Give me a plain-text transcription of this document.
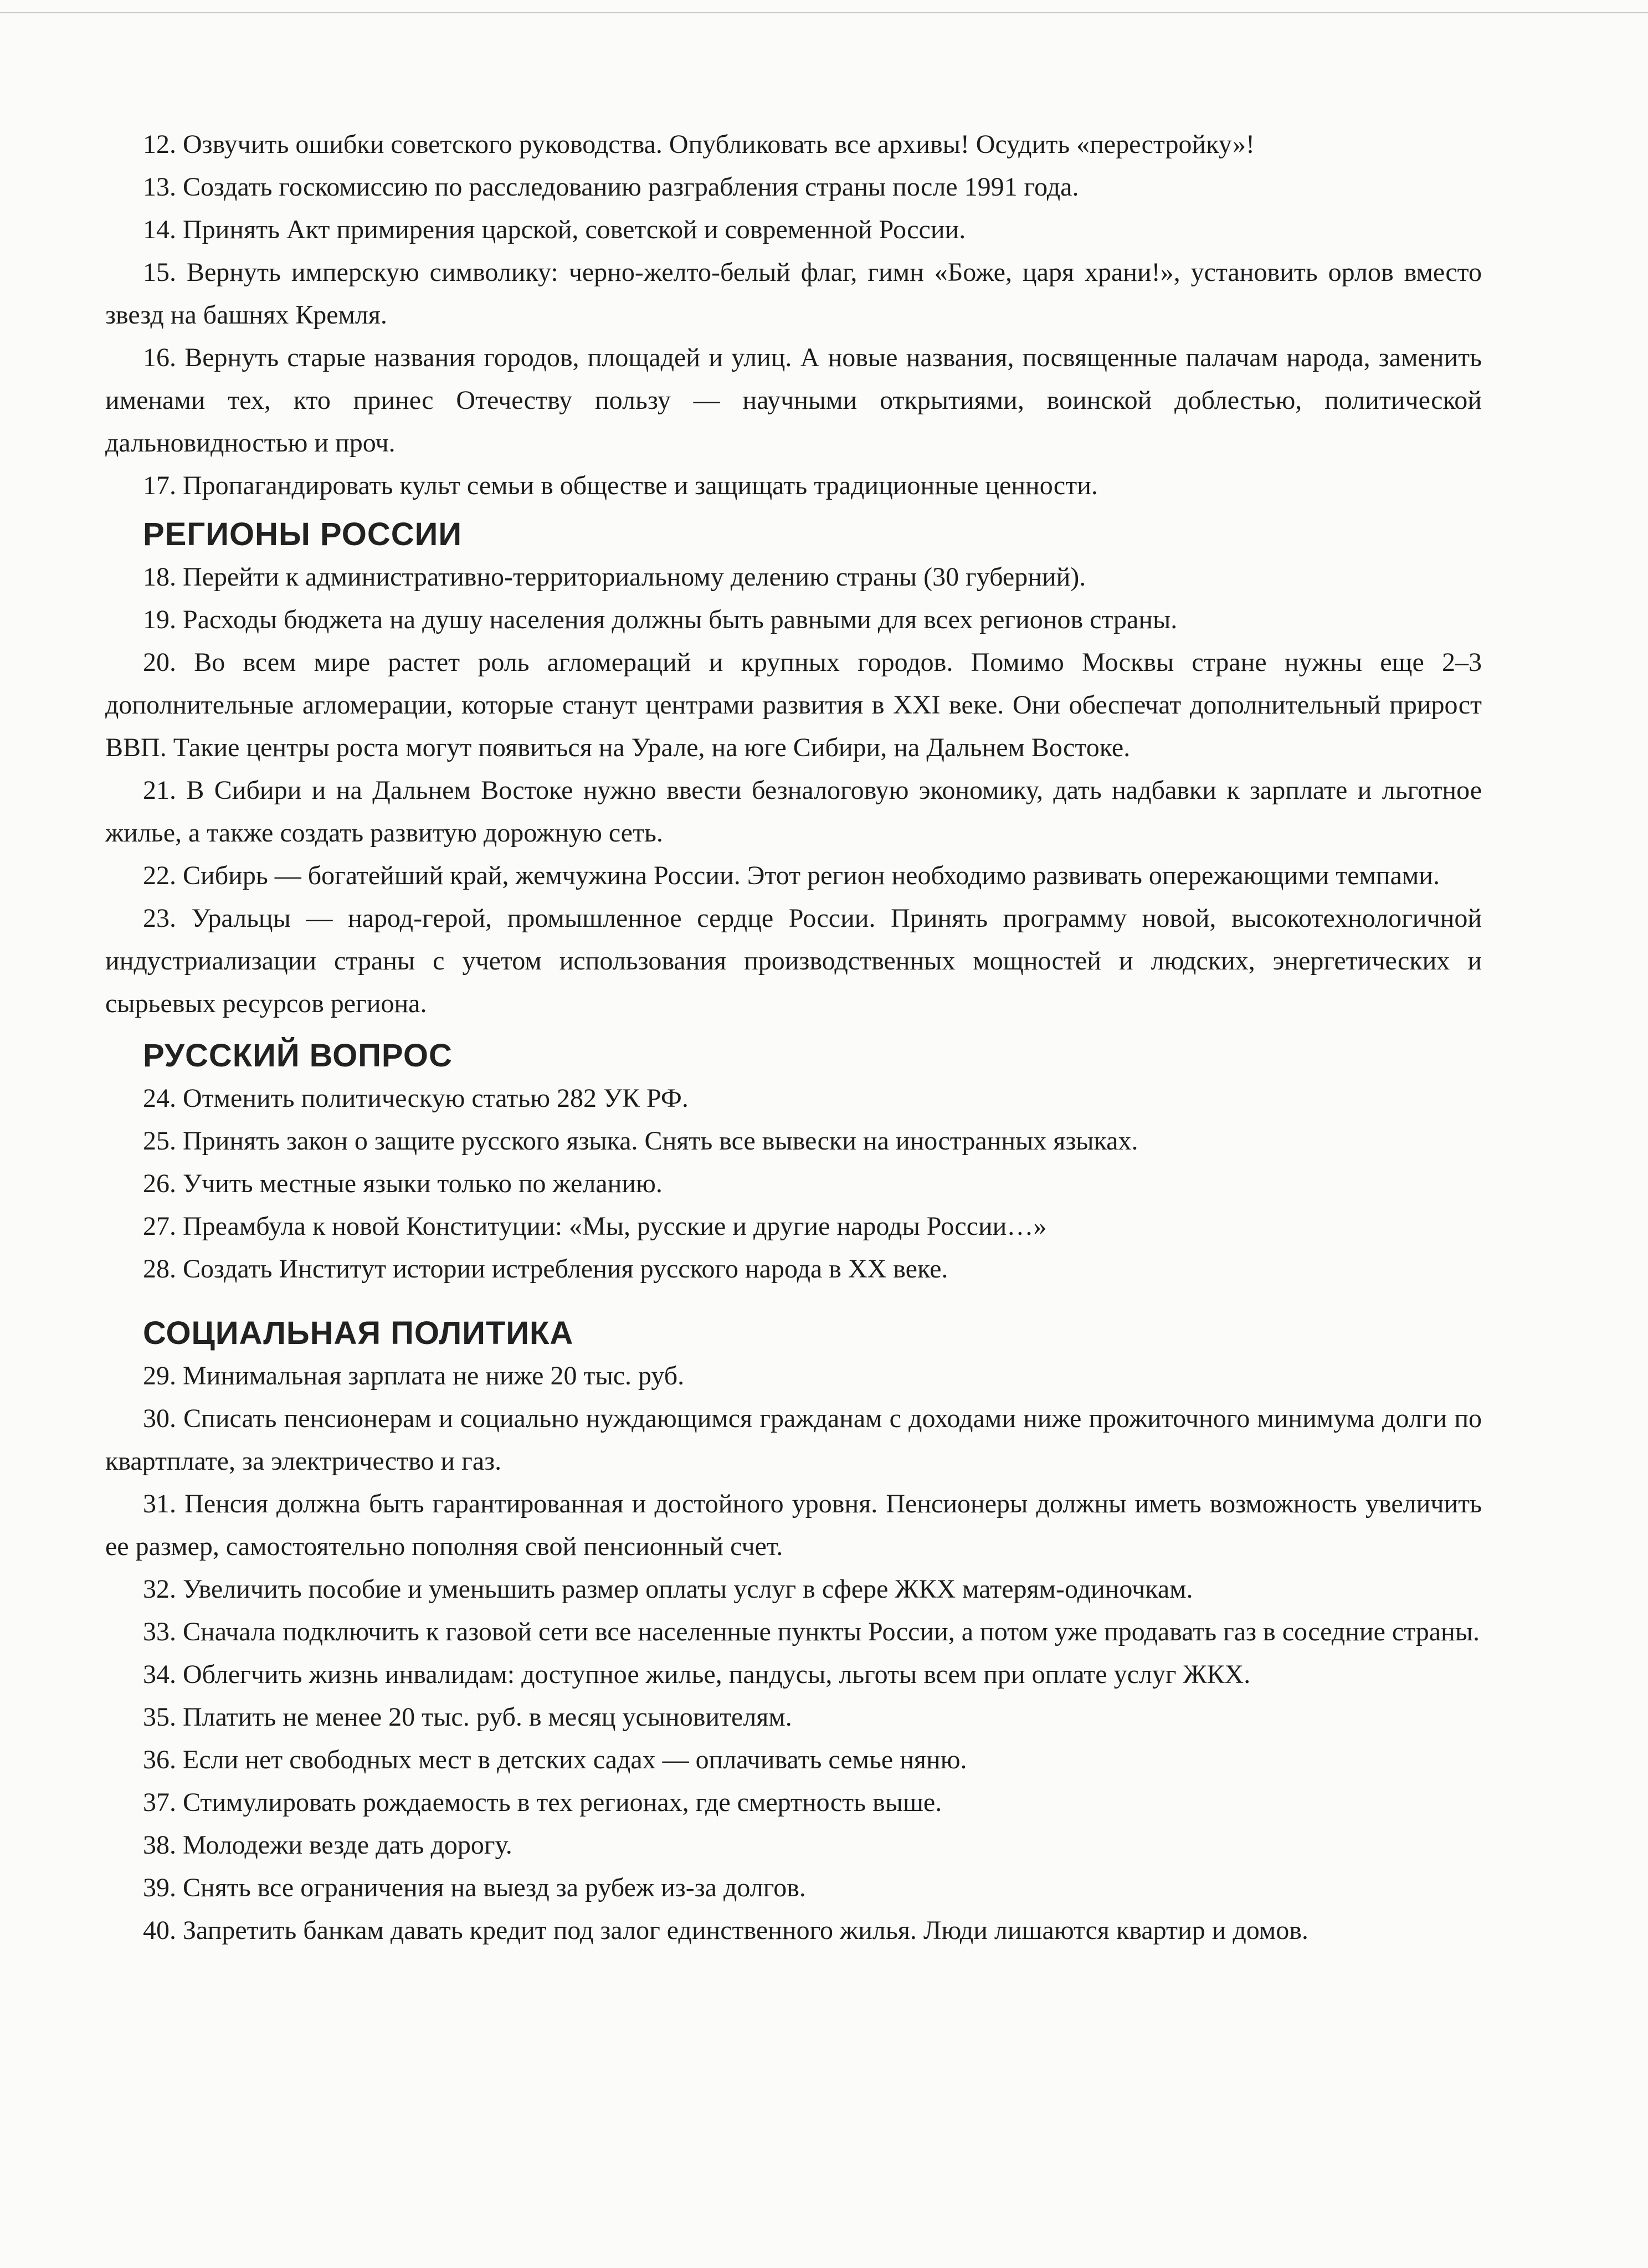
12. Озвучить ошибки советского руководства. Опубликовать все архивы! Осудить «перестройку»!

13. Создать госкомиссию по расследованию разграбления страны после 1991 года.

14. Принять Акт примирения царской, советской и современной России.

15. Вернуть имперскую символику: черно-желто-белый флаг, гимн «Боже, царя храни!», установить орлов вместо звезд на башнях Кремля.

16. Вернуть старые названия городов, площадей и улиц. А новые названия, посвященные палачам народа, заменить именами тех, кто принес Отечеству пользу — научными открытиями, воинской доблестью, политической дальновидностью и проч.

17. Пропагандировать культ семьи в обществе и защищать традиционные ценности.

РЕГИОНЫ РОССИИ

18. Перейти к административно-территориальному делению страны (30 губерний).

19. Расходы бюджета на душу населения должны быть равными для всех регионов страны.

20. Во всем мире растет роль агломераций и крупных городов. Помимо Москвы стране нужны еще 2–3 дополнительные агломерации, которые станут центрами развития в XXI веке. Они обеспечат дополнительный прирост ВВП. Такие центры роста могут появиться на Урале, на юге Сибири, на Дальнем Востоке.

21. В Сибири и на Дальнем Востоке нужно ввести безналоговую экономику, дать надбавки к зарплате и льготное жилье, а также создать развитую дорожную сеть.

22. Сибирь — богатейший край, жемчужина России. Этот регион необходимо развивать опережающими темпами.

23. Уральцы — народ-герой, промышленное сердце России. Принять программу новой, высокотехнологичной индустриализации страны с учетом использования производственных мощностей и людских, энергетических и сырьевых ресурсов региона.

РУССКИЙ ВОПРОС

24. Отменить политическую статью 282 УК РФ.

25. Принять закон о защите русского языка. Снять все вывески на иностранных языках.

26. Учить местные языки только по желанию.

27. Преамбула к новой Конституции: «Мы, русские и другие народы России…»

28. Создать Институт истории истребления русского народа в XX веке.

СОЦИАЛЬНАЯ ПОЛИТИКА

29. Минимальная зарплата не ниже 20 тыс. руб.

30. Списать пенсионерам и социально нуждающимся гражданам с доходами ниже прожиточного минимума долги по квартплате, за электричество и газ.

31. Пенсия должна быть гарантированная и достойного уровня. Пенсионеры должны иметь возможность увеличить ее размер, самостоятельно пополняя свой пенсионный счет.

32. Увеличить пособие и уменьшить размер оплаты услуг в сфере ЖКХ матерям-одиночкам.

33. Сначала подключить к газовой сети все населенные пункты России, а потом уже продавать газ в соседние страны.

34. Облегчить жизнь инвалидам: доступное жилье, пандусы, льготы всем при оплате услуг ЖКХ.

35. Платить не менее 20 тыс. руб. в месяц усыновителям.

36. Если нет свободных мест в детских садах — оплачивать семье няню.

37. Стимулировать рождаемость в тех регионах, где смертность выше.

38. Молодежи везде дать дорогу.

39. Снять все ограничения на выезд за рубеж из-за долгов.

40. Запретить банкам давать кредит под залог единственного жилья. Люди лишаются квартир и домов.
